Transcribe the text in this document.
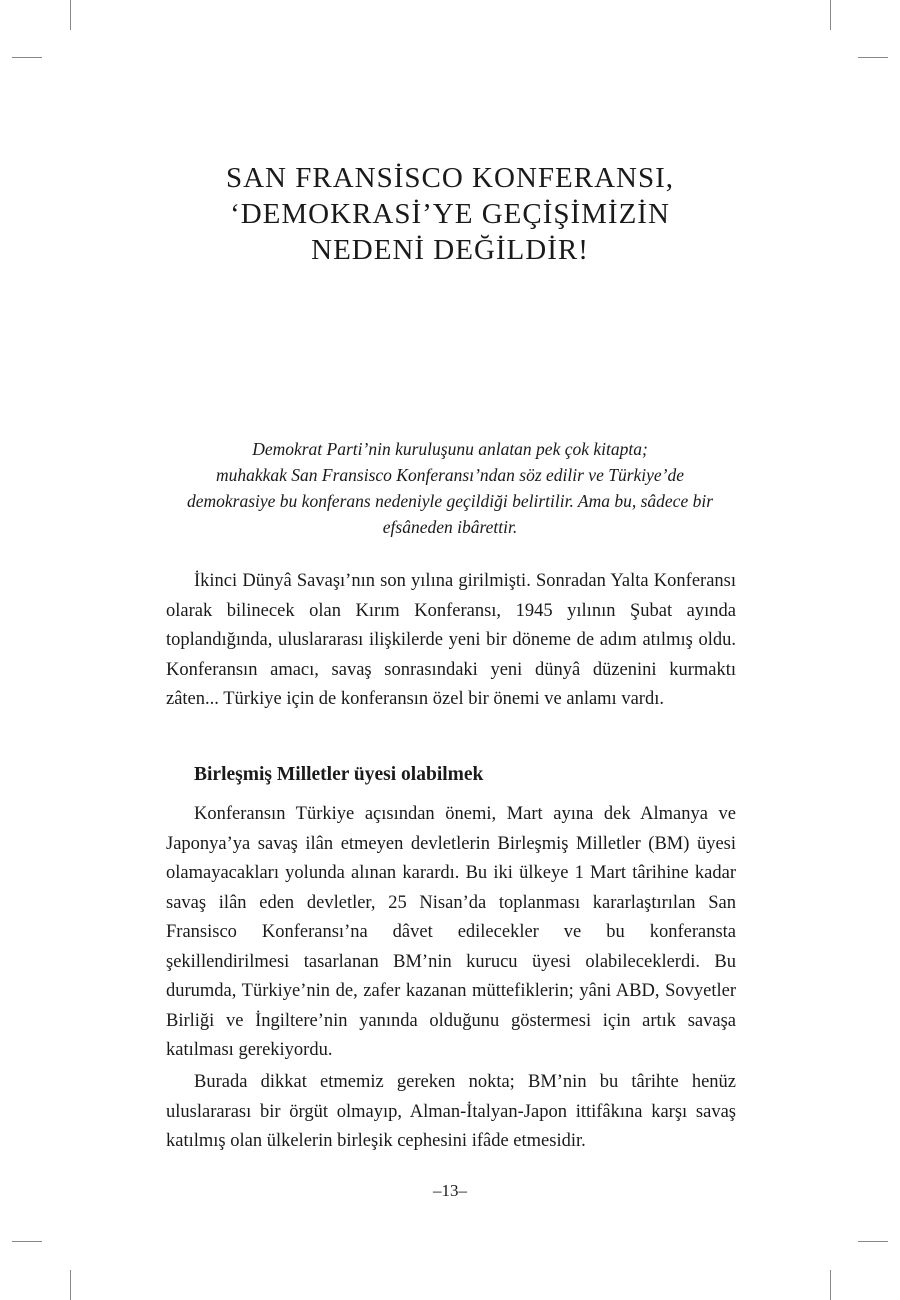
SAN FRANSİSCO KONFERANSI,
‘DEMOKRASİ’YE GEÇİŞİMİZİN
NEDENİ DEĞİLDİR!
Demokrat Parti’nin kuruluşunu anlatan pek çok kitapta;
muhakkak San Fransisco Konferansı’ndan söz edilir ve Türkiye’de
demokrasiye bu konferans nedeniyle geçildiği belirtilir. Ama bu, sâdece bir
efsâneden ibârettir.

İkinci Dünyâ Savaşı’nın son yılına girilmişti. Sonradan Yalta Konferansı olarak bilinecek olan Kırım Konferansı, 1945 yılının Şubat ayında toplandığında, uluslararası ilişkilerde yeni bir döneme de adım atılmış oldu. Konferansın amacı, savaş sonrasındaki yeni dünyâ düzenini kurmaktı zâten... Türkiye için de konferansın özel bir önemi ve anlamı vardı.

Birleşmiş Milletler üyesi olabilmek

Konferansın Türkiye açısından önemi, Mart ayına dek Almanya ve Japonya’ya savaş ilân etmeyen devletlerin Birleşmiş Milletler (BM) üyesi olamayacakları yolunda alınan karardı. Bu iki ülkeye 1 Mart târihine kadar savaş ilân eden devletler, 25 Nisan’da toplanması kararlaştırılan San Fransisco Konferansı’na dâvet edilecekler ve bu konferansta şekillendirilmesi tasarlanan BM’nin kurucu üyesi olabileceklerdi. Bu durumda, Türkiye’nin de, zafer kazanan müttefiklerin; yâni ABD, Sovyetler Birliği ve İngiltere’nin yanında olduğunu göstermesi için artık savaşa katılması gerekiyordu.

Burada dikkat etmemiz gereken nokta; BM’nin bu târihte henüz uluslararası bir örgüt olmayıp, Alman-İtalyan-Japon ittifâkına karşı savaş katılmış olan ülkelerin birleşik cephesini ifâde etmesidir.

–13–
